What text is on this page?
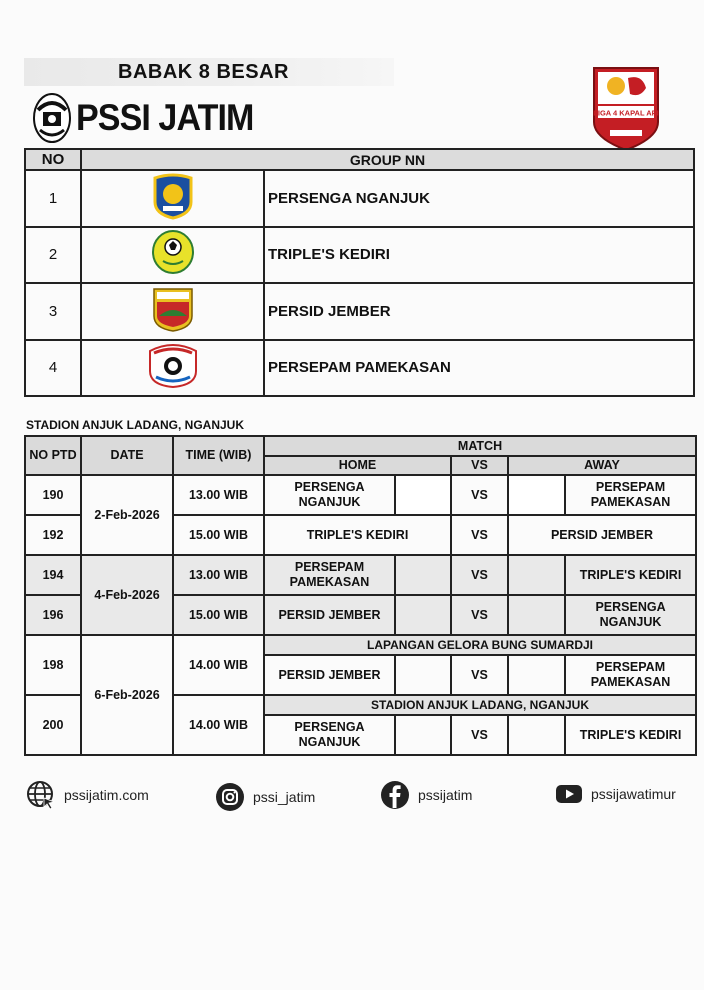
BABAK 8 BESAR
PSSI JATIM	LIGA 4 KAPAL API
NO	GROUP NN	
1		PERSENGA NGANJUK
2		TRIPLE'S KEDIRI
3		PERSID JEMBER
4		PERSEPAM PAMEKASAN
STADION ANJUK LADANG, NGANJUK
NO PTD	DATE	TIME (WIB)	MATCH				
			HOME		VS	AWAY	
190	2-Feb-2026	13.00 WIB	PERSENGA NGANJUK		VS		PERSEPAM PAMEKASAN
192		15.00 WIB	TRIPLE'S KEDIRI		VS	PERSID JEMBER	
194	4-Feb-2026	13.00 WIB	PERSEPAM PAMEKASAN		VS		TRIPLE'S KEDIRI
196		15.00 WIB	PERSID JEMBER		VS		PERSENGA NGANJUK
198	6-Feb-2026	14.00 WIB	LAPANGAN GELORA BUNG SUMARDJI				
			PERSID JEMBER		VS		PERSEPAM PAMEKASAN
200		14.00 WIB	STADION ANJUK LADANG, NGANJUK				
			PERSENGA NGANJUK		VS		TRIPLE'S KEDIRI
pssijatim.com	pssi_jatim	pssijatim	pssijawatimur
